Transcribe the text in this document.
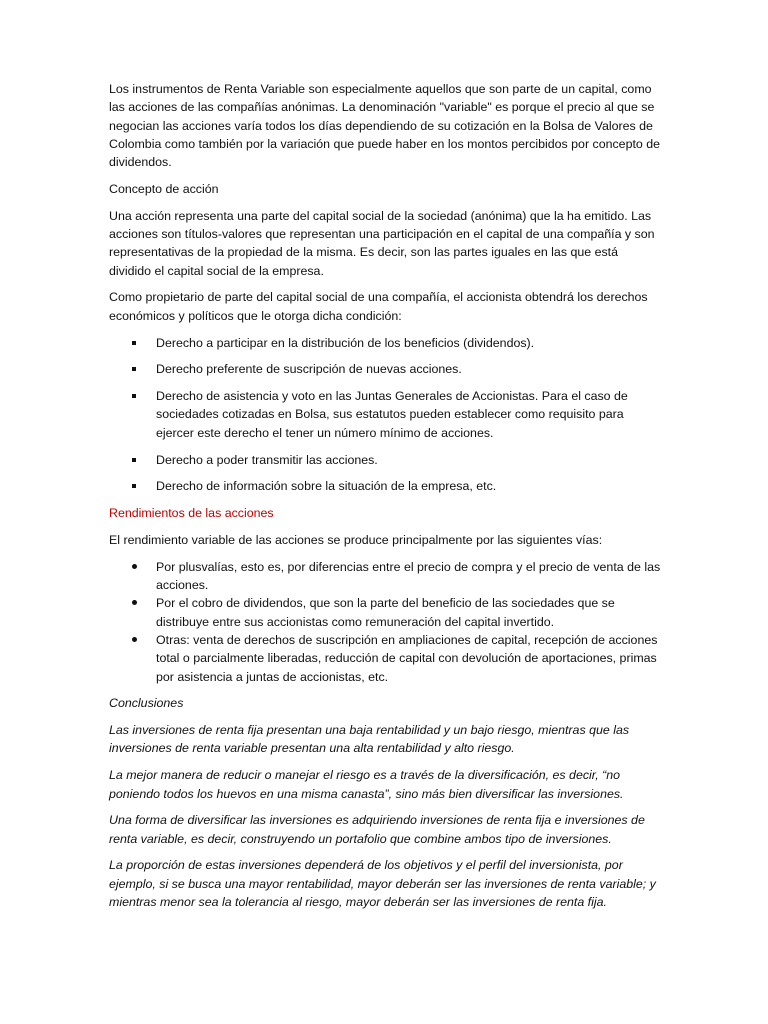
Los instrumentos de Renta Variable son especialmente aquellos que son parte de un capital, como las acciones de las compañías anónimas. La denominación "variable" es porque el precio al que se negocian las acciones varía todos los días dependiendo de su cotización en la Bolsa de Valores de Colombia como también por la variación que puede haber en los montos percibidos por concepto de dividendos.

Concepto de acción

Una acción representa una parte del capital social de la sociedad (anónima) que la ha emitido. Las acciones son títulos-valores que representan una participación en el capital de una compañía y son representativas de la propiedad de la misma. Es decir, son las partes iguales en las que está dividido el capital social de la empresa.

Como propietario de parte del capital social de una compañía, el accionista obtendrá los derechos económicos y políticos que le otorga dicha condición:

Derecho a participar en la distribución de los beneficios (dividendos).
Derecho preferente de suscripción de nuevas acciones.
Derecho de asistencia y voto en las Juntas Generales de Accionistas. Para el caso de sociedades cotizadas en Bolsa, sus estatutos pueden establecer como requisito para ejercer este derecho el tener un número mínimo de acciones.
Derecho a poder transmitir las acciones.
Derecho de información sobre la situación de la empresa, etc.

Rendimientos de las acciones

El rendimiento variable de las acciones se produce principalmente por las siguientes vías:

Por plusvalías, esto es, por diferencias entre el precio de compra y el precio de venta de las acciones.
Por el cobro de dividendos, que son la parte del beneficio de las sociedades que se distribuye entre sus accionistas como remuneración del capital invertido.
Otras: venta de derechos de suscripción en ampliaciones de capital, recepción de acciones total o parcialmente liberadas, reducción de capital con devolución de aportaciones, primas por asistencia a juntas de accionistas, etc.

Conclusiones

Las inversiones de renta fija presentan una baja rentabilidad y un bajo riesgo, mientras que las inversiones de renta variable presentan una alta rentabilidad y alto riesgo.

La mejor manera de reducir o manejar el riesgo es a través de la diversificación, es decir, “no poniendo todos los huevos en una misma canasta”, sino más bien diversificar las inversiones.

Una forma de diversificar las inversiones es adquiriendo inversiones de renta fija e inversiones de renta variable, es decir, construyendo un portafolio que combine ambos tipo de inversiones.

La proporción de estas inversiones dependerá de los objetivos y el perfil del inversionista, por ejemplo, si se busca una mayor rentabilidad, mayor deberán ser las inversiones de renta variable; y mientras menor sea la tolerancia al riesgo, mayor deberán ser las inversiones de renta fija.
